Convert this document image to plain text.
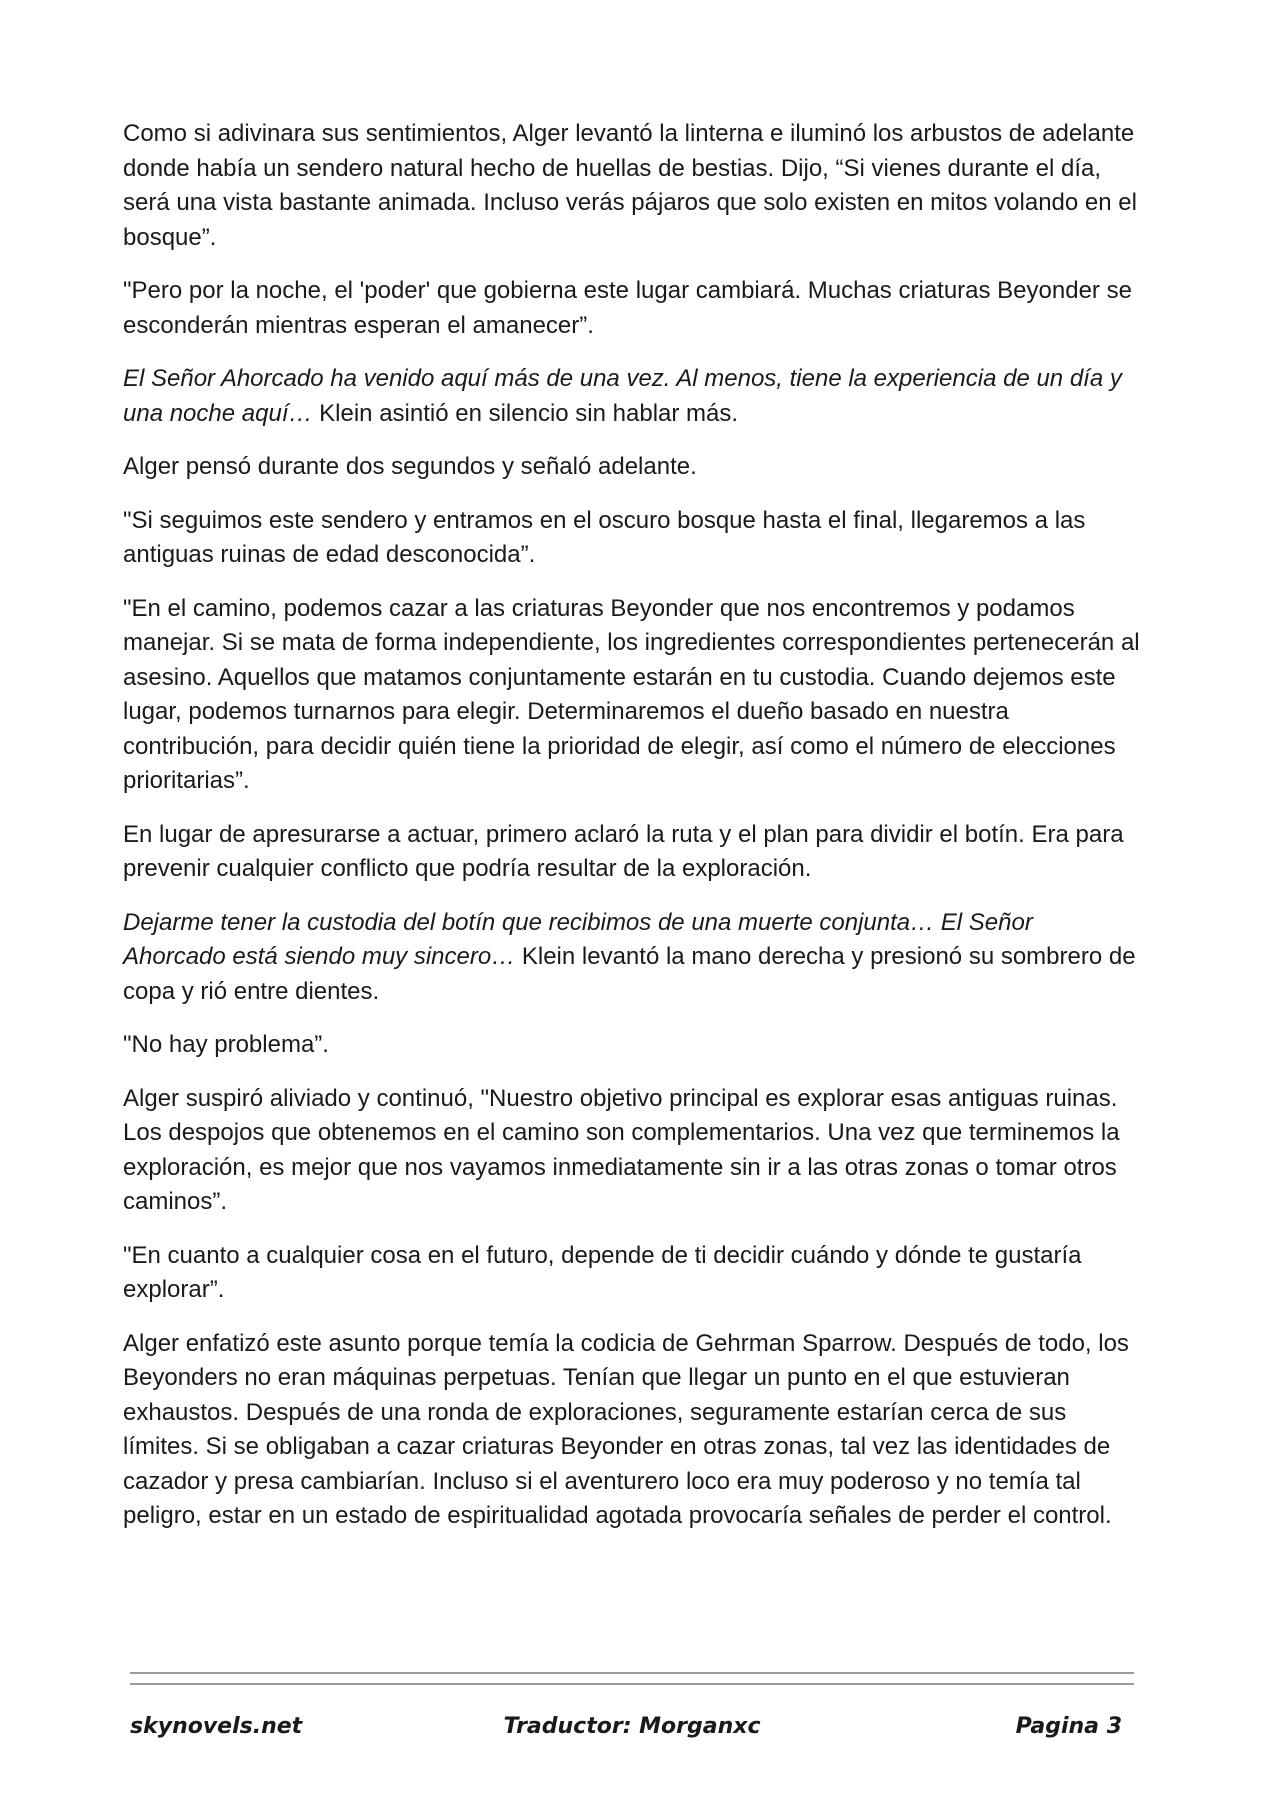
Como si adivinara sus sentimientos, Alger levantó la linterna e iluminó los arbustos de adelante donde había un sendero natural hecho de huellas de bestias. Dijo, “Si vienes durante el día, será una vista bastante animada. Incluso verás pájaros que solo existen en mitos volando en el bosque”.

"Pero por la noche, el 'poder' que gobierna este lugar cambiará. Muchas criaturas Beyonder se esconderán mientras esperan el amanecer”.

El Señor Ahorcado ha venido aquí más de una vez. Al menos, tiene la experiencia de un día y una noche aquí… Klein asintió en silencio sin hablar más.

Alger pensó durante dos segundos y señaló adelante.

"Si seguimos este sendero y entramos en el oscuro bosque hasta el final, llegaremos a las antiguas ruinas de edad desconocida”.

"En el camino, podemos cazar a las criaturas Beyonder que nos encontremos y podamos manejar. Si se mata de forma independiente, los ingredientes correspondientes pertenecerán al asesino. Aquellos que matamos conjuntamente estarán en tu custodia. Cuando dejemos este lugar, podemos turnarnos para elegir. Determinaremos el dueño basado en nuestra contribución, para decidir quién tiene la prioridad de elegir, así como el número de elecciones prioritarias”.

En lugar de apresurarse a actuar, primero aclaró la ruta y el plan para dividir el botín. Era para prevenir cualquier conflicto que podría resultar de la exploración.

Dejarme tener la custodia del botín que recibimos de una muerte conjunta… El Señor Ahorcado está siendo muy sincero… Klein levantó la mano derecha y presionó su sombrero de copa y rió entre dientes.

"No hay problema”.

Alger suspiró aliviado y continuó, "Nuestro objetivo principal es explorar esas antiguas ruinas. Los despojos que obtenemos en el camino son complementarios. Una vez que terminemos la exploración, es mejor que nos vayamos inmediatamente sin ir a las otras zonas o tomar otros caminos”.

"En cuanto a cualquier cosa en el futuro, depende de ti decidir cuándo y dónde te gustaría explorar”.

Alger enfatizó este asunto porque temía la codicia de Gehrman Sparrow. Después de todo, los Beyonders no eran máquinas perpetuas. Tenían que llegar un punto en el que estuvieran exhaustos. Después de una ronda de exploraciones, seguramente estarían cerca de sus límites. Si se obligaban a cazar criaturas Beyonder en otras zonas, tal vez las identidades de cazador y presa cambiarían. Incluso si el aventurero loco era muy poderoso y no temía tal peligro, estar en un estado de espiritualidad agotada provocaría señales de perder el control.

skynovels.net	Traductor: Morganxc	Pagina 3
